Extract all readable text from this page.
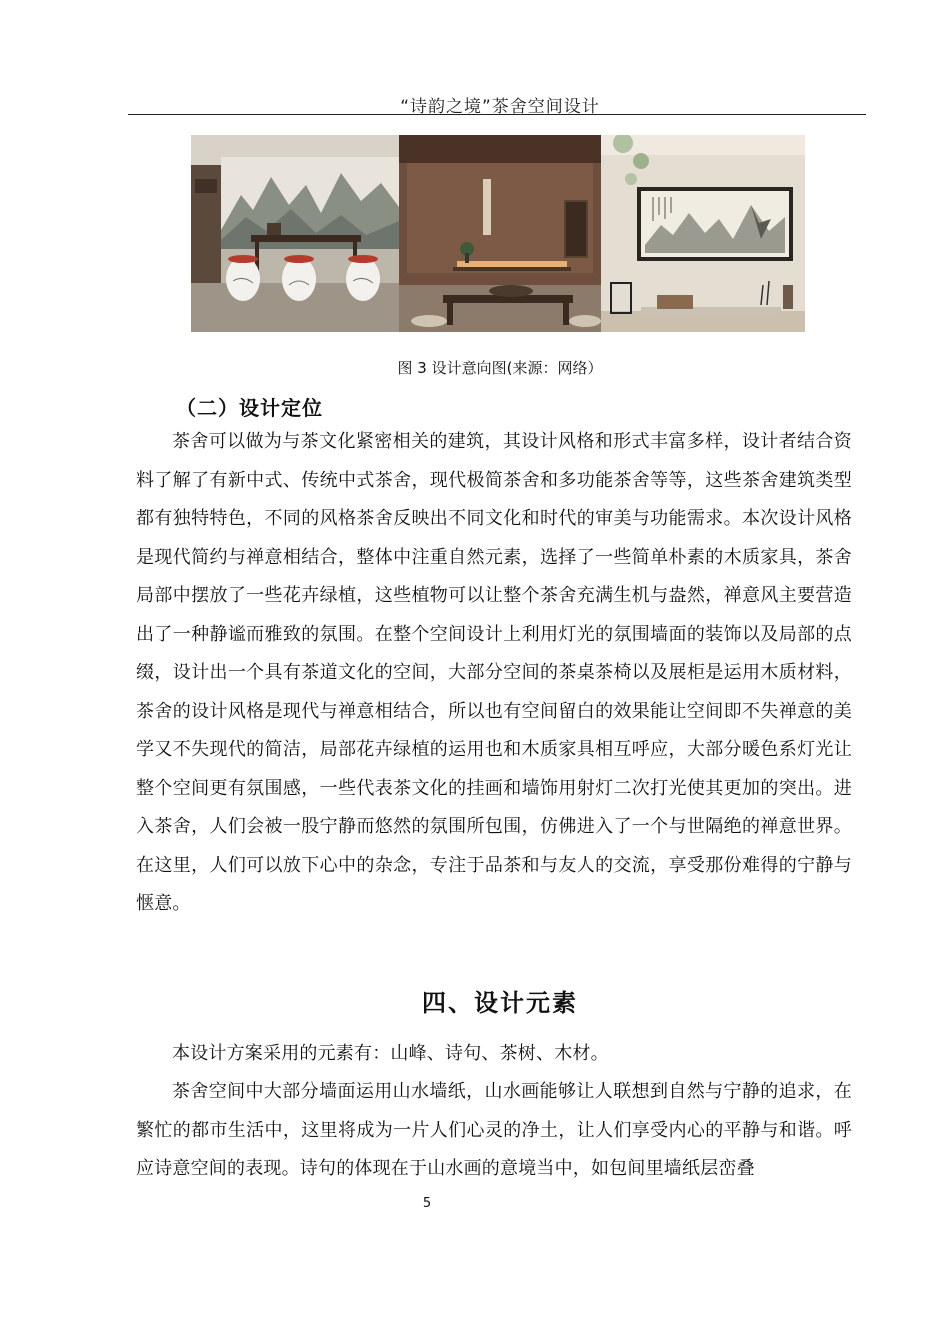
“诗韵之境”茶舍空间设计
图 3 设计意向图(来源：网络）
（二）设计定位

茶舍可以做为与茶文化紧密相关的建筑，其设计风格和形式丰富多样，设计者结合资料了解了有新中式、传统中式茶舍，现代极简茶舍和多功能茶舍等等，这些茶舍建筑类型都有独特特色，不同的风格茶舍反映出不同文化和时代的审美与功能需求。本次设计风格是现代简约与禅意相结合，整体中注重自然元素，选择了一些简单朴素的木质家具，茶舍局部中摆放了一些花卉绿植，这些植物可以让整个茶舍充满生机与盎然，禅意风主要营造出了一种静谧而雅致的氛围。在整个空间设计上利用灯光的氛围墙面的装饰以及局部的点缀，设计出一个具有茶道文化的空间，大部分空间的茶桌茶椅以及展柜是运用木质材料，茶舍的设计风格是现代与禅意相结合，所以也有空间留白的效果能让空间即不失禅意的美学又不失现代的简洁，局部花卉绿植的运用也和木质家具相互呼应，大部分暖色系灯光让整个空间更有氛围感，一些代表茶文化的挂画和墙饰用射灯二次打光使其更加的突出。进入茶舍，人们会被一股宁静而悠然的氛围所包围，仿佛进入了一个与世隔绝的禅意世界。在这里，人们可以放下心中的杂念，专注于品茶和与友人的交流，享受那份难得的宁静与惬意。

四、设计元素

本设计方案采用的元素有：山峰、诗句、茶树、木材。

茶舍空间中大部分墙面运用山水墙纸，山水画能够让人联想到自然与宁静的追求，在繁忙的都市生活中，这里将成为一片人们心灵的净土，让人们享受内心的平静与和谐。呼应诗意空间的表现。诗句的体现在于山水画的意境当中，如包间里墙纸层峦叠

5
